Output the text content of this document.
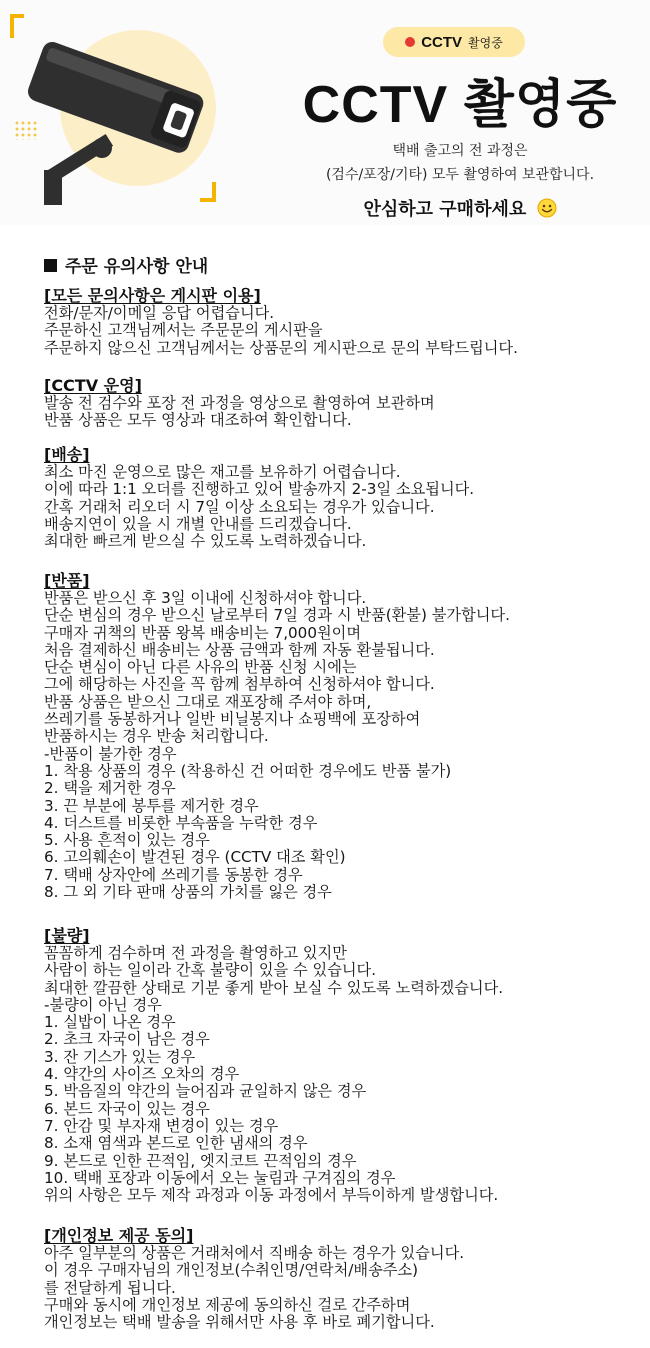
CCTV 촬영중
CCTV 촬영중
택배 출고의 전 과정은
(검수/포장/기타) 모두 촬영하여 보관합니다.
안심하고 구매하세요
주문 유의사항 안내
[모든 문의사항은 게시판 이용]
전화/문자/이메일 응답 어렵습니다.
주문하신 고객님께서는 주문문의 게시판을
주문하지 않으신 고객님께서는 상품문의 게시판으로 문의 부탁드립니다.
[CCTV 운영]
발송 전 검수와 포장 전 과정을 영상으로 촬영하여 보관하며
반품 상품은 모두 영상과 대조하여 확인합니다.
[배송]
최소 마진 운영으로 많은 재고를 보유하기 어렵습니다.
이에 따라 1:1 오더를 진행하고 있어 발송까지 2-3일 소요됩니다.
간혹 거래처 리오더 시 7일 이상 소요되는 경우가 있습니다.
배송지연이 있을 시 개별 안내를 드리겠습니다.
최대한 빠르게 받으실 수 있도록 노력하겠습니다.
[반품]
반품은 받으신 후 3일 이내에 신청하셔야 합니다.
단순 변심의 경우 받으신 날로부터 7일 경과 시 반품(환불) 불가합니다.
구매자 귀책의 반품 왕복 배송비는 7,000원이며
처음 결제하신 배송비는 상품 금액과 함께 자동 환불됩니다.
단순 변심이 아닌 다른 사유의 반품 신청 시에는
그에 해당하는 사진을 꼭 함께 첨부하여 신청하셔야 합니다.
반품 상품은 받으신 그대로 재포장해 주셔야 하며,
쓰레기를 동봉하거나 일반 비닐봉지나 쇼핑백에 포장하여
반품하시는 경우 반송 처리합니다.
-반품이 불가한 경우
1. 착용 상품의 경우 (착용하신 건 어떠한 경우에도 반품 불가)
2. 택을 제거한 경우
3. 끈 부분에 봉투를 제거한 경우
4. 더스트를 비롯한 부속품을 누락한 경우
5. 사용 흔적이 있는 경우
6. 고의훼손이 발견된 경우 (CCTV 대조 확인)
7. 택배 상자안에 쓰레기를 동봉한 경우
8. 그 외 기타 판매 상품의 가치를 잃은 경우
[불량]
꼼꼼하게 검수하며 전 과정을 촬영하고 있지만
사람이 하는 일이라 간혹 불량이 있을 수 있습니다.
최대한 깔끔한 상태로 기분 좋게 받아 보실 수 있도록 노력하겠습니다.
-불량이 아닌 경우
1. 실밥이 나온 경우
2. 초크 자국이 남은 경우
3. 잔 기스가 있는 경우
4. 약간의 사이즈 오차의 경우
5. 박음질의 약간의 늘어짐과 균일하지 않은 경우
6. 본드 자국이 있는 경우
7. 안감 및 부자재 변경이 있는 경우
8. 소재 염색과 본드로 인한 냄새의 경우
9. 본드로 인한 끈적임, 엣지코트 끈적임의 경우
10. 택배 포장과 이동에서 오는 눌림과 구겨짐의 경우
위의 사항은 모두 제작 과정과 이동 과정에서 부득이하게 발생합니다.
[개인정보 제공 동의]
아주 일부분의 상품은 거래처에서 직배송 하는 경우가 있습니다.
이 경우 구매자님의 개인정보(수취인명/연락처/배송주소)
를 전달하게 됩니다.
구매와 동시에 개인정보 제공에 동의하신 걸로 간주하며
개인정보는 택배 발송을 위해서만 사용 후 바로 폐기합니다.
